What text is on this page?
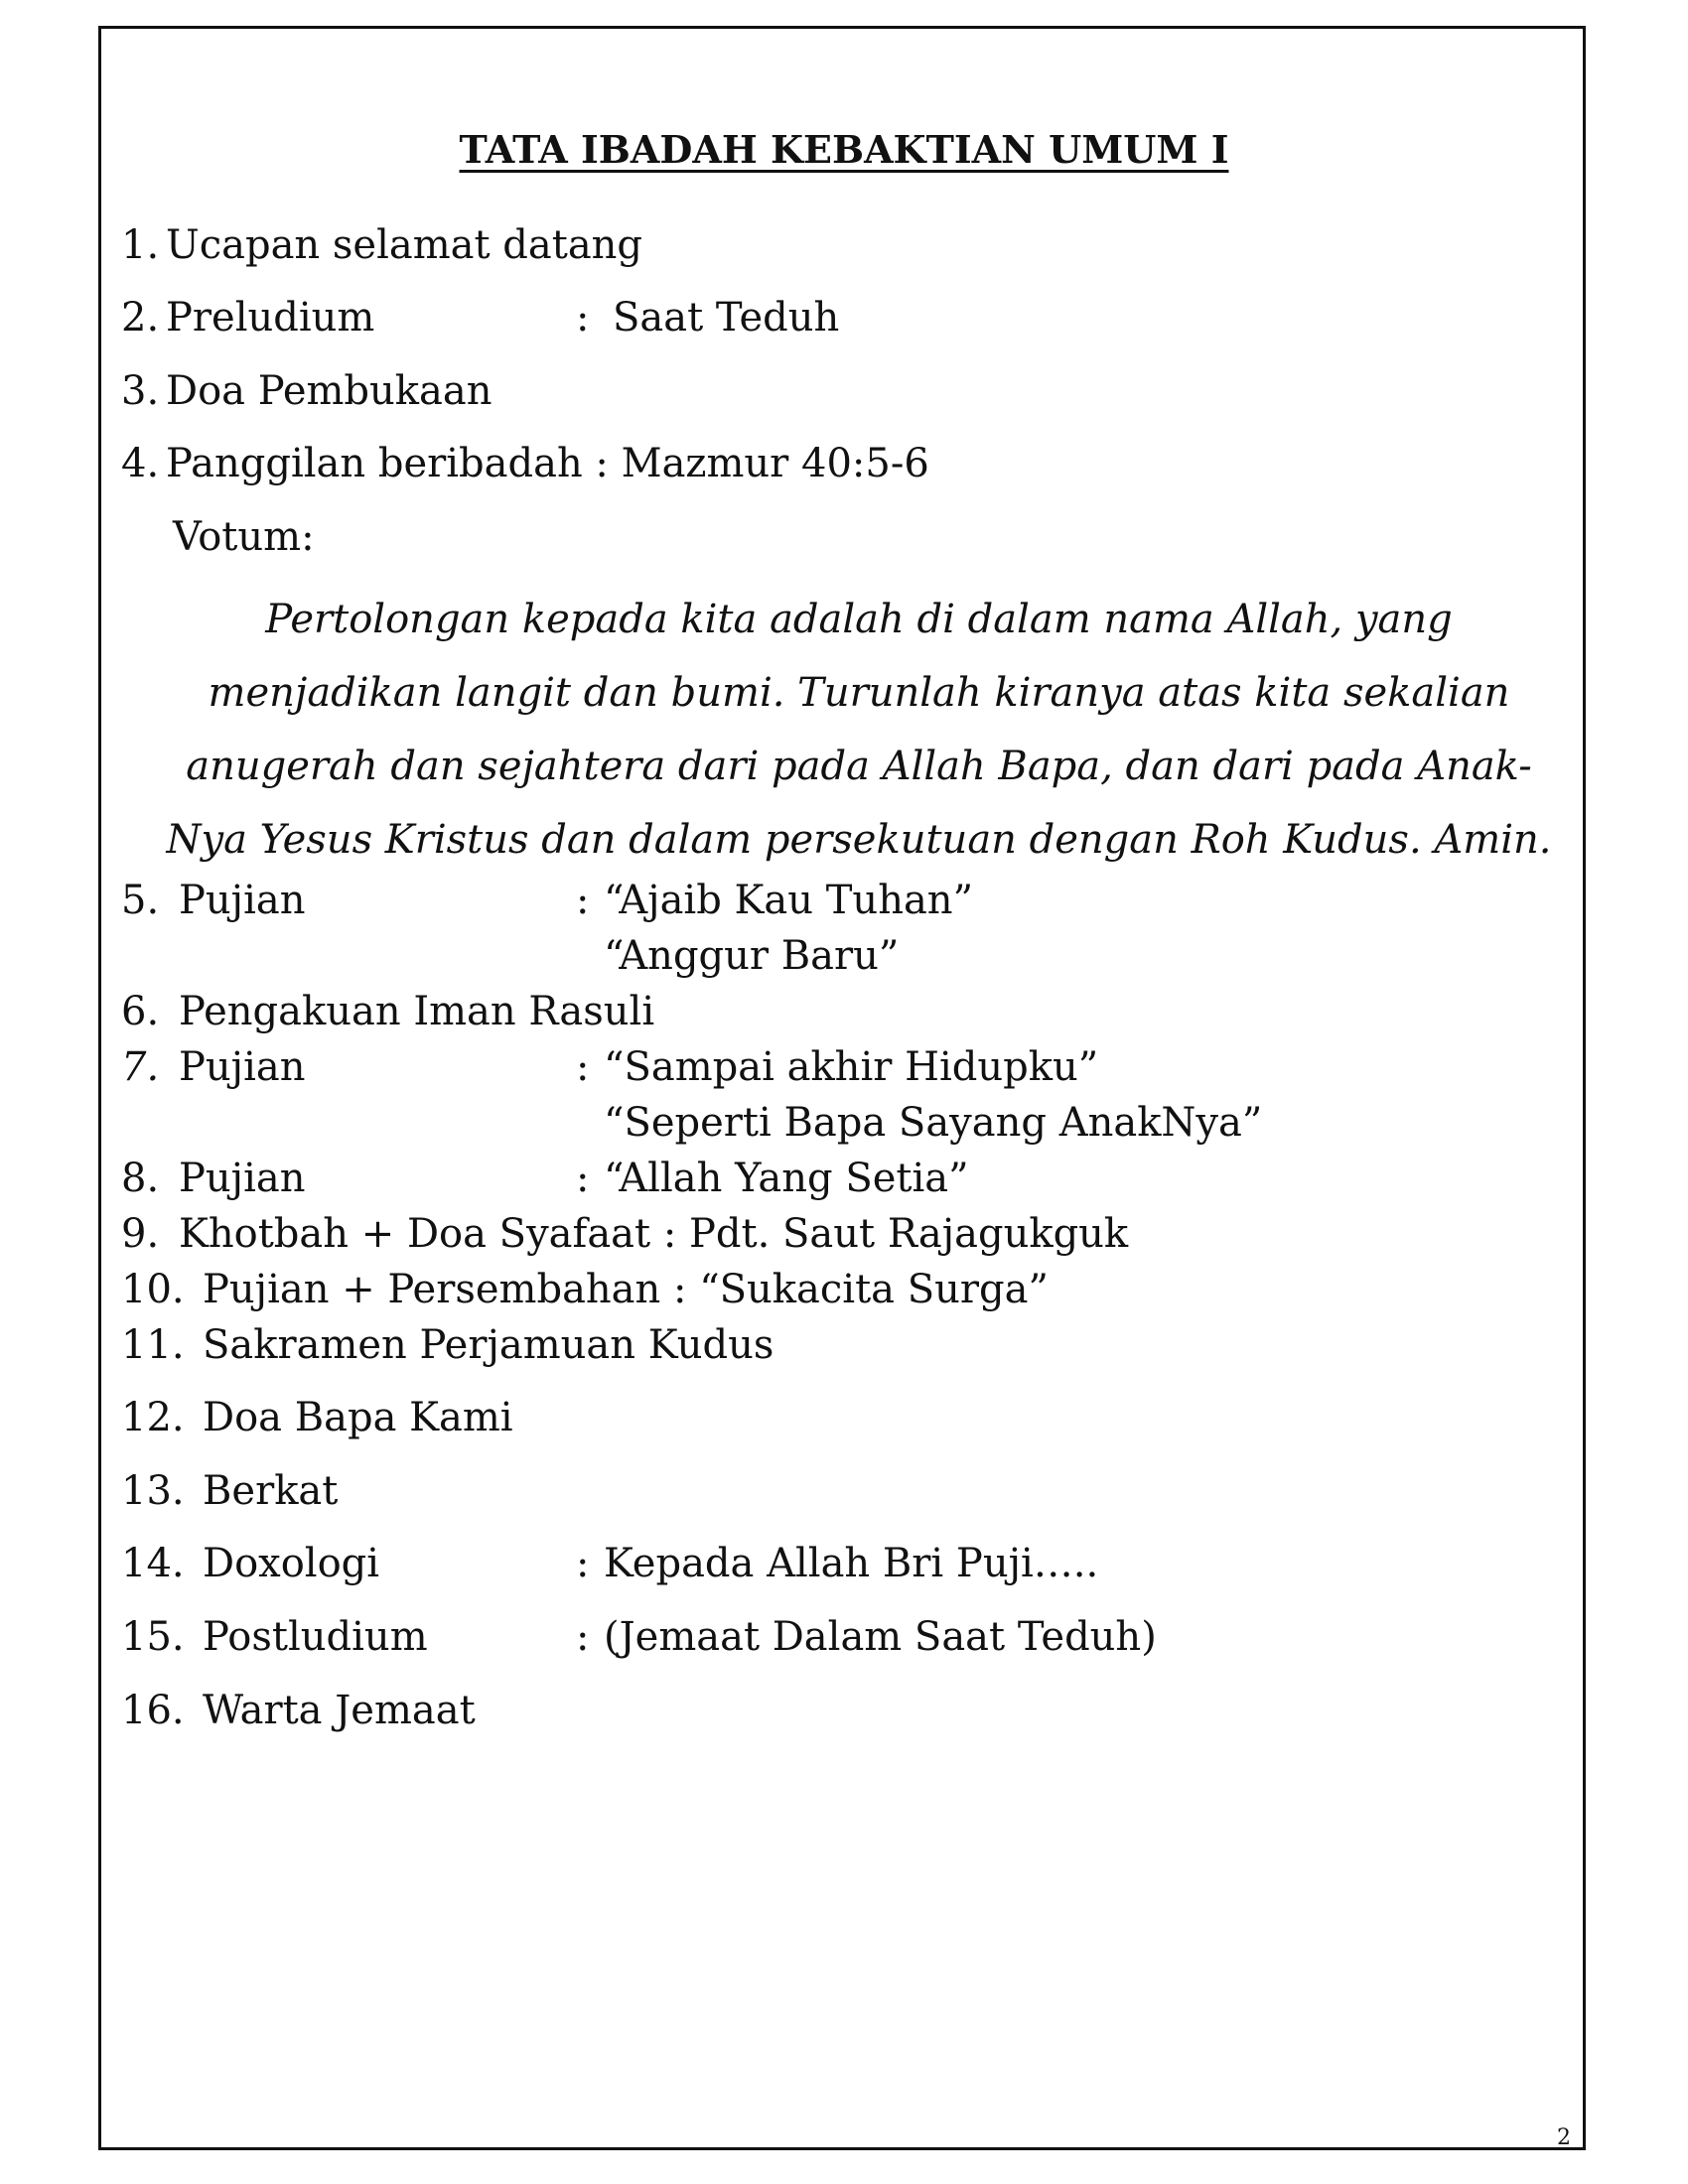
TATA IBADAH KEBAKTIAN UMUM I
1. Ucapan selamat datang
2. Preludium	: Saat Teduh
3. Doa Pembukaan
4. Panggilan beribadah : Mazmur 40:5-6
Votum:
Pertolongan kepada kita adalah di dalam nama Allah, yang
menjadikan langit dan bumi. Turunlah kiranya atas kita sekalian
anugerah dan sejahtera dari pada Allah Bapa, dan dari pada Anak-
Nya Yesus Kristus dan dalam persekutuan dengan Roh Kudus. Amin.
5. Pujian	: “Ajaib Kau Tuhan”
“Anggur Baru”
6. Pengakuan Iman Rasuli
7. Pujian	: “Sampai akhir Hidupku”
“Seperti Bapa Sayang AnakNya”
8. Pujian	: “Allah Yang Setia”
9. Khotbah + Doa Syafaat : Pdt. Saut Rajagukguk
10. Pujian + Persembahan : “Sukacita Surga”
11. Sakramen Perjamuan Kudus
12. Doa Bapa Kami
13. Berkat
14. Doxologi	: Kepada Allah Bri Puji…..
15. Postludium	: (Jemaat Dalam Saat Teduh)
16. Warta Jemaat
2
